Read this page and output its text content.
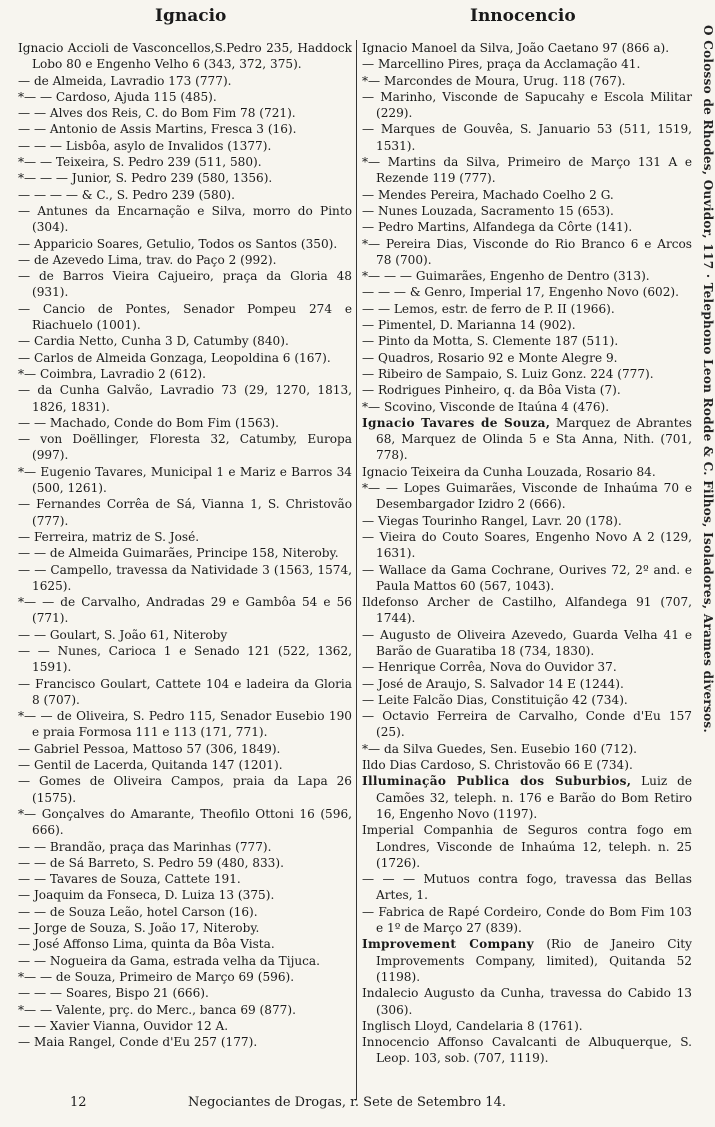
Ignacio	Innocencio
Ignacio Accioli de Vasconcellos,S.Pedro 235, Haddock Lobo 80 e Engenho Velho 6 (343, 372, 375).
— de Almeida, Lavradio 173 (777).
*— — Cardoso, Ajuda 115 (485).
— — Alves dos Reis, C. do Bom Fim 78 (721).
— — Antonio de Assis Martins, Fresca 3 (16).
— — — Lisbôa, asylo de Invalidos (1377).
*— — Teixeira, S. Pedro 239 (511, 580).
*— — — Junior, S. Pedro 239 (580, 1356).
— — — — & C., S. Pedro 239 (580).
— Antunes da Encarnação e Silva, morro do Pinto (304).
— Apparicio Soares, Getulio, Todos os Santos (350).
— de Azevedo Lima, trav. do Paço 2 (992).
— de Barros Vieira Cajueiro, praça da Gloria 48 (931).
— Cancio de Pontes, Senador Pompeu 274 e Riachuelo (1001).
— Cardia Netto, Cunha 3 D, Catumby (840).
— Carlos de Almeida Gonzaga, Leopoldina 6 (167).
*— Coimbra, Lavradio 2 (612).
— da Cunha Galvão, Lavradio 73 (29, 1270, 1813, 1826, 1831).
— — Machado, Conde do Bom Fim (1563).
— von Doëllinger, Floresta 32, Catumby, Europa (997).
*— Eugenio Tavares, Municipal 1 e Mariz e Barros 34 (500, 1261).
— Fernandes Corrêa de Sá, Vianna 1, S. Christovão (777).
— Ferreira, matriz de S. José.
— — de Almeida Guimarães, Principe 158, Niteroby.
— — Campello, travessa da Natividade 3 (1563, 1574, 1625).
*— — de Carvalho, Andradas 29 e Gambôa 54 e 56 (771).
— — Goulart, S. João 61, Niteroby
— — Nunes, Carioca 1 e Senado 121 (522, 1362, 1591).
— Francisco Goulart, Cattete 104 e ladeira da Gloria 8 (707).
*— — de Oliveira, S. Pedro 115, Senador Eusebio 190 e praia Formosa 111 e 113 (171, 771).
— Gabriel Pessoa, Mattoso 57 (306, 1849).
— Gentil de Lacerda, Quitanda 147 (1201).
— Gomes de Oliveira Campos, praia da Lapa 26 (1575).
*— Gonçalves do Amarante, Theofilo Ottoni 16 (596, 666).
— — Brandão, praça das Marinhas (777).
— — de Sá Barreto, S. Pedro 59 (480, 833).
— — Tavares de Souza, Cattete 191.
— Joaquim da Fonseca, D. Luiza 13 (375).
— — de Souza Leão, hotel Carson (16).
— Jorge de Souza, S. João 17, Niteroby.
— José Affonso Lima, quinta da Bôa Vista.
— — Nogueira da Gama, estrada velha da Tijuca.
*— — de Souza, Primeiro de Março 69 (596).
— — — Soares, Bispo 21 (666).
*— — Valente, prç. do Merc., banca 69 (877).
— — Xavier Vianna, Ouvidor 12 A.
— Maia Rangel, Conde d'Eu 257 (177).
Ignacio Manoel da Silva, João Caetano 97 (866 a).
— Marcellino Pires, praça da Acclamação 41.
*— Marcondes de Moura, Urug. 118 (767).
— Marinho, Visconde de Sapucahy e Escola Militar (229).
— Marques de Gouvêa, S. Januario 53 (511, 1519, 1531).
*— Martins da Silva, Primeiro de Março 131 A e Rezende 119 (777).
— Mendes Pereira, Machado Coelho 2 G.
— Nunes Louzada, Sacramento 15 (653).
— Pedro Martins, Alfandega da Côrte (141).
*— Pereira Dias, Visconde do Rio Branco 6 e Arcos 78 (700).
*— — — Guimarães, Engenho de Dentro (313).
— — — & Genro, Imperial 17, Engenho Novo (602).
— — Lemos, estr. de ferro de P. II (1966).
— Pimentel, D. Marianna 14 (902).
— Pinto da Motta, S. Clemente 187 (511).
— Quadros, Rosario 92 e Monte Alegre 9.
— Ribeiro de Sampaio, S. Luiz Gonz. 224 (777).
— Rodrigues Pinheiro, q. da Bôa Vista (7).
*— Scovino, Visconde de Itaúna 4 (476).
Ignacio Tavares de Souza, Marquez de Abrantes 68, Marquez de Olinda 5 e Sta Anna, Nith. (701, 778).
Ignacio Teixeira da Cunha Louzada, Rosario 84.
*— — Lopes Guimarães, Visconde de Inhaúma 70 e Desembargador Izidro 2 (666).
— Viegas Tourinho Rangel, Lavr. 20 (178).
— Vieira do Couto Soares, Engenho Novo A 2 (129, 1631).
— Wallace da Gama Cochrane, Ourives 72, 2º and. e Paula Mattos 60 (567, 1043).
Ildefonso Archer de Castilho, Alfandega 91 (707, 1744).
— Augusto de Oliveira Azevedo, Guarda Velha 41 e Barão de Guaratiba 18 (734, 1830).
— Henrique Corrêa, Nova do Ouvidor 37.
— José de Araujo, S. Salvador 14 E (1244).
— Leite Falcão Dias, Constituição 42 (734).
— Octavio Ferreira de Carvalho, Conde d'Eu 157 (25).
*— da Silva Guedes, Sen. Eusebio 160 (712).
Ildo Dias Cardoso, S. Christovão 66 E (734).
Illuminação Publica dos Suburbios, Luiz de Camões 32, teleph. n. 176 e Barão do Bom Retiro 16, Engenho Novo (1197).
Imperial Companhia de Seguros contra fogo em Londres, Visconde de Inhaúma 12, teleph. n. 25 (1726).
— — — Mutuos contra fogo, travessa das Bellas Artes, 1.
— Fabrica de Rapé Cordeiro, Conde do Bom Fim 103 e 1º de Março 27 (839).
Improvement Company (Rio de Janeiro City Improvements Company, limited), Quitanda 52 (1198).
Indalecio Augusto da Cunha, travessa do Cabido 13 (306).
Inglisch Lloyd, Candelaria 8 (1761).
Innocencio Affonso Cavalcanti de Albuquerque, S. Leop. 103, sob. (707, 1119).
O Colosso de Rhodes, Ouvidor, 117 · Telephono Leon Rodde & C. Filhos, Isoladores, Arames diversos.
12	Negociantes de Drogas, r. Sete de Setembro 14.
